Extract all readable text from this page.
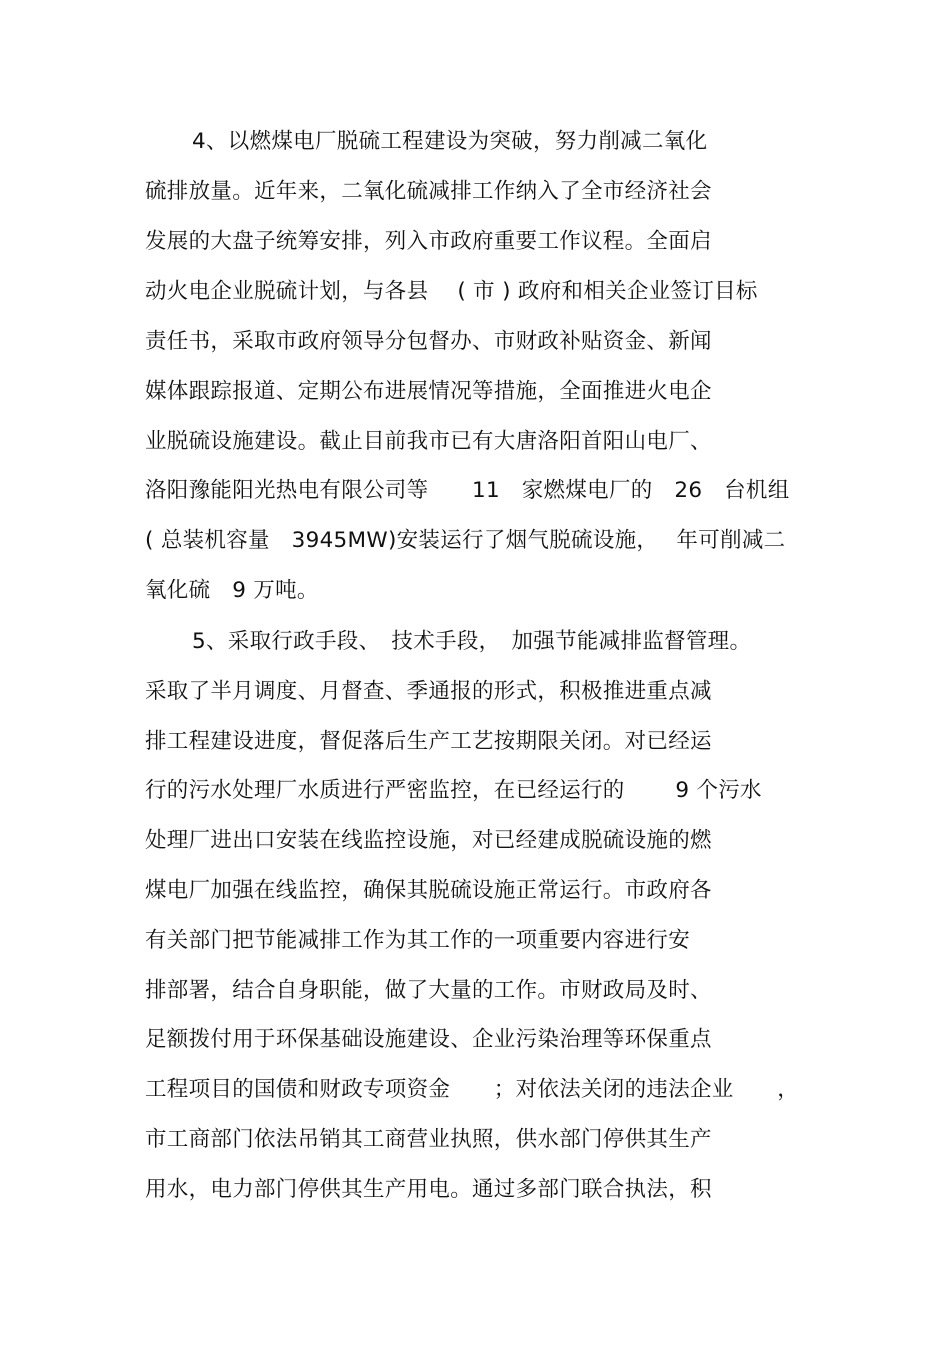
4、以燃煤电厂脱硫工程建设为突破，努力削减二氧化
硫排放量。近年来，二氧化硫减排工作纳入了全市经济社会
发展的大盘子统筹安排，列入市政府重要工作议程。全面启
动火电企业脱硫计划，与各县　 ( 市 ) 政府和相关企业签订目标
责任书，采取市政府领导分包督办、市财政补贴资金、新闻
媒体跟踪报道、定期公布进展情况等措施，全面推进火电企
业脱硫设施建设。截止目前我市已有大唐洛阳首阳山电厂、
洛阳豫能阳光热电有限公司等　　11　家燃煤电厂的　26　台机组
( 总装机容量　3945MW)安装运行了烟气脱硫设施，　 年可削减二
氧化硫　9 万吨。
5、采取行政手段、　技术手段，　加强节能减排监督管理。
采取了半月调度、月督查、季通报的形式，积极推进重点减
排工程建设进度，督促落后生产工艺按期限关闭。对已经运
行的污水处理厂水质进行严密监控，在已经运行的　　 9 个污水
处理厂进出口安装在线监控设施，对已经建成脱硫设施的燃
煤电厂加强在线监控，确保其脱硫设施正常运行。市政府各
有关部门把节能减排工作为其工作的一项重要内容进行安
排部署，结合自身职能，做了大量的工作。市财政局及时、
足额拨付用于环保基础设施建设、企业污染治理等环保重点
工程项目的国债和财政专项资金　　；对依法关闭的违法企业　　，
市工商部门依法吊销其工商营业执照，供水部门停供其生产
用水，电力部门停供其生产用电。通过多部门联合执法，积
